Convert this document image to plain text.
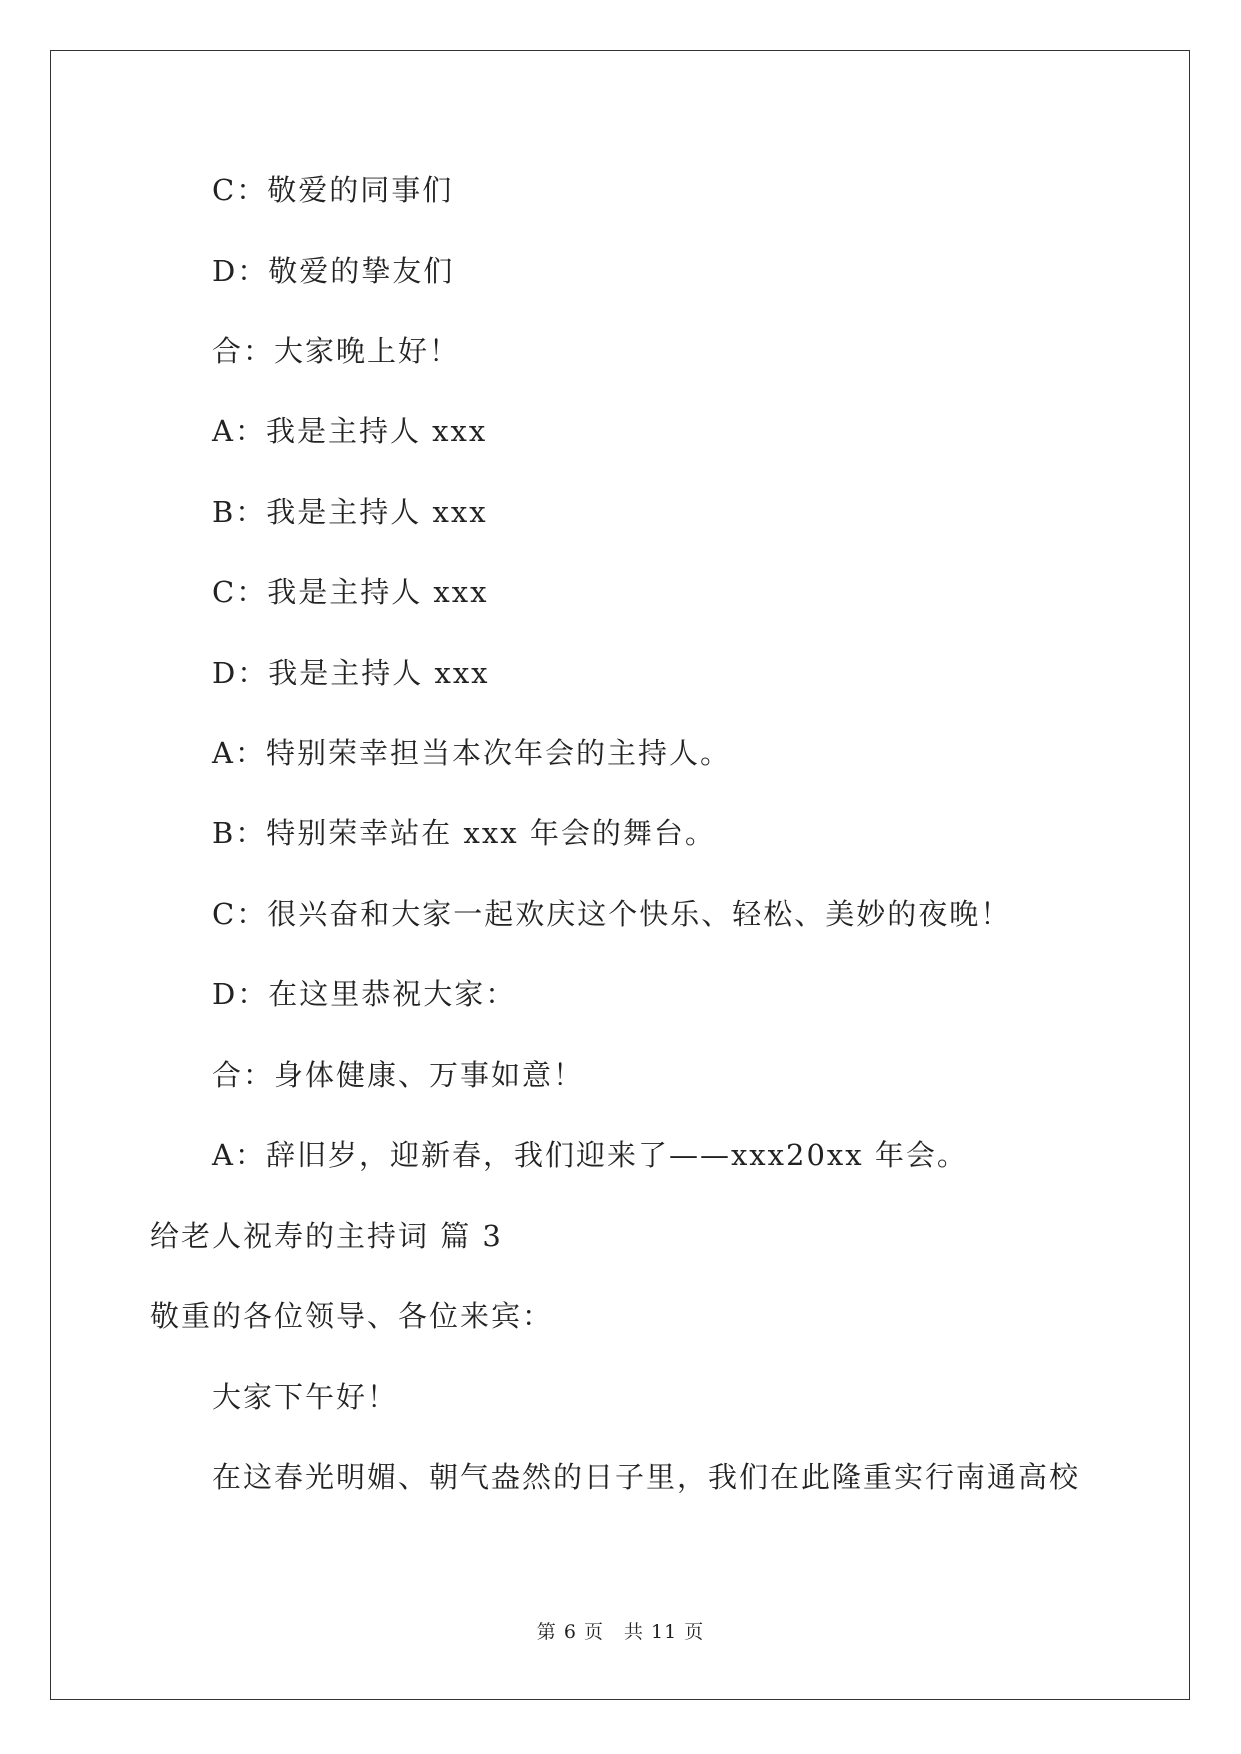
C：敬爱的同事们
D：敬爱的挚友们
合：大家晚上好！
A：我是主持人 xxx
B：我是主持人 xxx
C：我是主持人 xxx
D：我是主持人 xxx
A：特别荣幸担当本次年会的主持人。
B：特别荣幸站在 xxx 年会的舞台。
C：很兴奋和大家一起欢庆这个快乐、轻松、美妙的夜晚！
D：在这里恭祝大家：
合：身体健康、万事如意！
A：辞旧岁，迎新春，我们迎来了——xxx20xx 年会。
给老人祝寿的主持词 篇 3
敬重的各位领导、各位来宾：
大家下午好！
在这春光明媚、朝气盎然的日子里，我们在此隆重实行南通高校
第 6 页　共 11 页
